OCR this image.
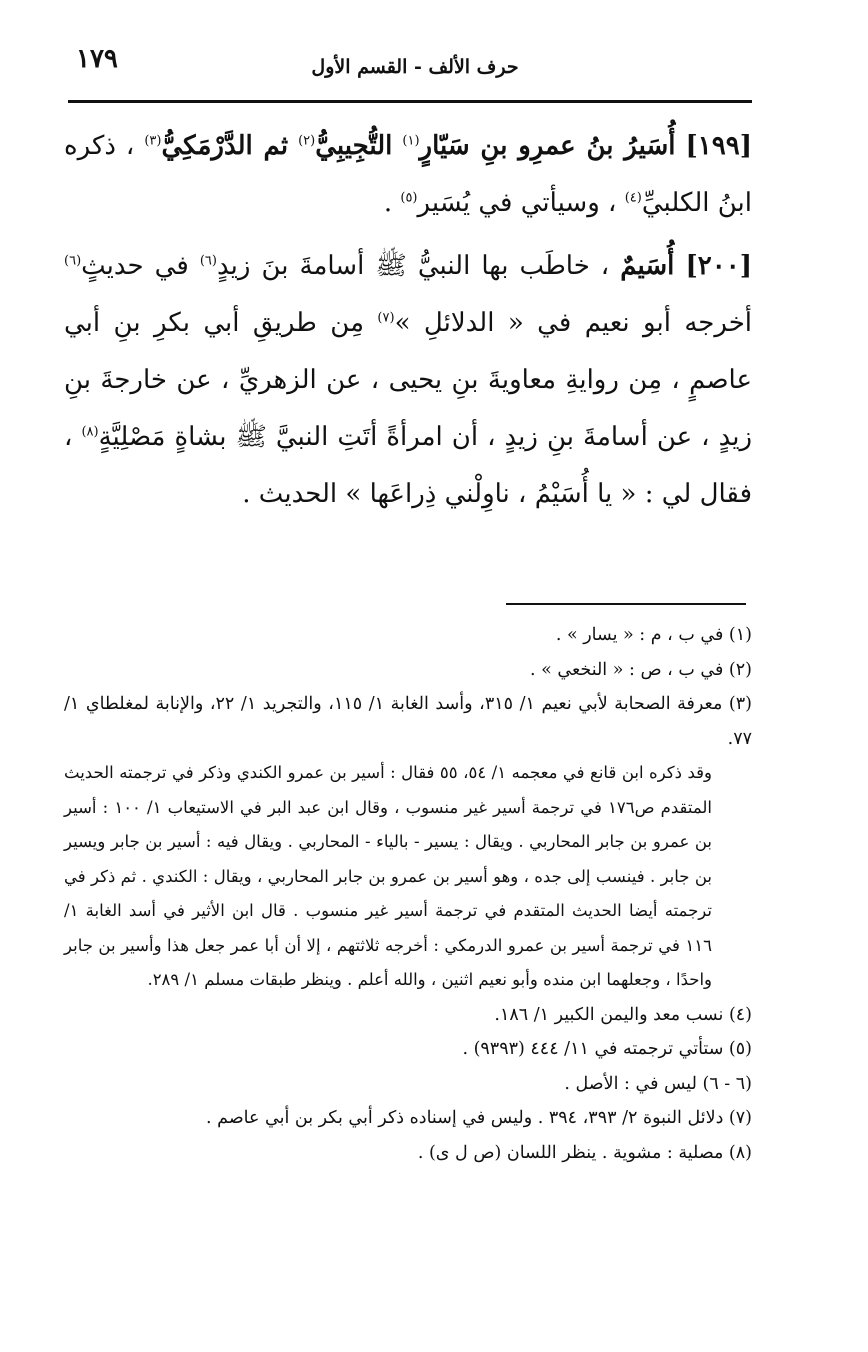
١٧٩	حرف الألف - القسم الأول

[١٩٩] أُسَيرُ بنُ عمرِو بنِ سَيّارٍ$^{(١)}$ التُّجِيبِيُّ$^{(٢)}$ ثم الدَّرْمَكِيُّ$^{(٣)}$ ، ذكره ابنُ الكلبيِّ$^{(٤)}$ ، وسيأتي في يُسَير$^{(٥)}$ .

[٢٠٠] أُسَيمٌ ، خاطَب بها النبيُّ ﷺ أسامةَ بنَ زيدٍ$^{(٦)}$ في حديثٍ$^{(٦)}$ أخرجه أبو نعيم في « الدلائلِ »$^{(٧)}$ مِن طريقِ أبي بكرِ بنِ أبي عاصمٍ ، مِن روايةِ معاويةَ بنِ يحيى ، عن الزهريِّ ، عن خارجةَ بنِ زيدٍ ، عن أسامةَ بنِ زيدٍ ، أن امرأةً أتَتِ النبيَّ ﷺ بشاةٍ مَصْلِيَّةٍ$^{(٨)}$ ، فقال لي : « يا أُسَيْمُ ، ناوِلْني ذِراعَها » الحديث .

(١) في ب ، م : « يسار » .

(٢) في ب ، ص : « النخعي » .

(٣) معرفة الصحابة لأبي نعيم ١/ ٣١٥، وأسد الغابة ١/ ١١٥، والتجريد ١/ ٢٢، والإنابة لمغلطاي ١/ ٧٧.

وقد ذكره ابن قانع في معجمه ١/ ٥٤، ٥٥ فقال : أسير بن عمرو الكندي وذكر في ترجمته الحديث المتقدم ص١٧٦ في ترجمة أسير غير منسوب ، وقال ابن عبد البر في الاستيعاب ١/ ١٠٠ : أسير بن عمرو بن جابر المحاربي . ويقال : يسير - بالياء - المحاربي . ويقال فيه : أسير بن جابر ويسير بن جابر . فينسب إلى جده ، وهو أسير بن عمرو بن جابر المحاربي ، ويقال : الكندي . ثم ذكر في ترجمته أيضا الحديث المتقدم في ترجمة أسير غير منسوب . قال ابن الأثير في أسد الغابة ١/ ١١٦ في ترجمة أسير بن عمرو الدرمكي : أخرجه ثلاثتهم ، إلا أن أبا عمر جعل هذا وأسير بن جابر واحدًا ، وجعلهما ابن منده وأبو نعيم اثنين ، والله أعلم . وينظر طبقات مسلم ١/ ٢٨٩.

(٤) نسب معد واليمن الكبير ١/ ١٨٦.

(٥) ستأتي ترجمته في ١١/ ٤٤٤ (٩٣٩٣) .

(٦ - ٦) ليس في : الأصل .

(٧) دلائل النبوة ٢/ ٣٩٣، ٣٩٤ . وليس في إسناده ذكر أبي بكر بن أبي عاصم .

(٨) مصلية : مشوية . ينظر اللسان (ص ل ى) .
